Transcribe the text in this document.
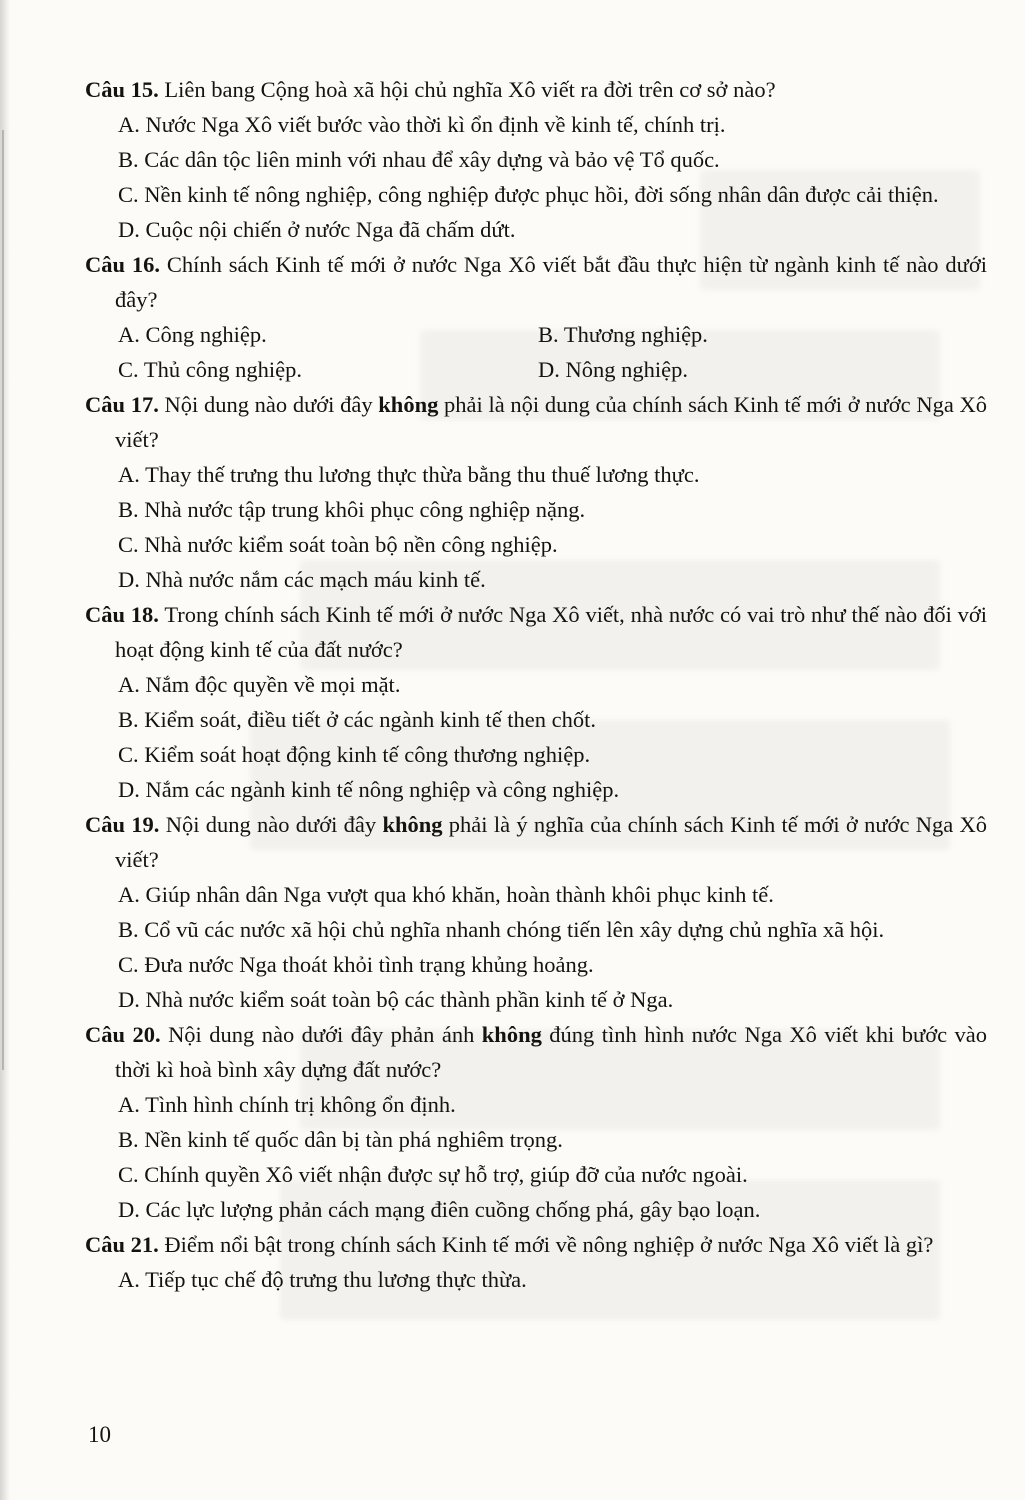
Câu 15. Liên bang Cộng hoà xã hội chủ nghĩa Xô viết ra đời trên cơ sở nào?

A. Nước Nga Xô viết bước vào thời kì ổn định về kinh tế, chính trị.

B. Các dân tộc liên minh với nhau để xây dựng và bảo vệ Tổ quốc.

C. Nền kinh tế nông nghiệp, công nghiệp được phục hồi, đời sống nhân dân được cải thiện.

D. Cuộc nội chiến ở nước Nga đã chấm dứt.

Câu 16. Chính sách Kinh tế mới ở nước Nga Xô viết bắt đầu thực hiện từ ngành kinh tế nào dưới đây?

A. Công nghiệp.	B. Thương nghiệp.

C. Thủ công nghiệp.	D. Nông nghiệp.

Câu 17. Nội dung nào dưới đây không phải là nội dung của chính sách Kinh tế mới ở nước Nga Xô viết?

A. Thay thế trưng thu lương thực thừa bằng thu thuế lương thực.

B. Nhà nước tập trung khôi phục công nghiệp nặng.

C. Nhà nước kiểm soát toàn bộ nền công nghiệp.

D. Nhà nước nắm các mạch máu kinh tế.

Câu 18. Trong chính sách Kinh tế mới ở nước Nga Xô viết, nhà nước có vai trò như thế nào đối với hoạt động kinh tế của đất nước?

A. Nắm độc quyền về mọi mặt.

B. Kiểm soát, điều tiết ở các ngành kinh tế then chốt.

C. Kiểm soát hoạt động kinh tế công thương nghiệp.

D. Nắm các ngành kinh tế nông nghiệp và công nghiệp.

Câu 19. Nội dung nào dưới đây không phải là ý nghĩa của chính sách Kinh tế mới ở nước Nga Xô viết?

A. Giúp nhân dân Nga vượt qua khó khăn, hoàn thành khôi phục kinh tế.

B. Cổ vũ các nước xã hội chủ nghĩa nhanh chóng tiến lên xây dựng chủ nghĩa xã hội.

C. Đưa nước Nga thoát khỏi tình trạng khủng hoảng.

D. Nhà nước kiểm soát toàn bộ các thành phần kinh tế ở Nga.

Câu 20. Nội dung nào dưới đây phản ánh không đúng tình hình nước Nga Xô viết khi bước vào thời kì hoà bình xây dựng đất nước?

A. Tình hình chính trị không ổn định.

B. Nền kinh tế quốc dân bị tàn phá nghiêm trọng.

C. Chính quyền Xô viết nhận được sự hỗ trợ, giúp đỡ của nước ngoài.

D. Các lực lượng phản cách mạng điên cuồng chống phá, gây bạo loạn.

Câu 21. Điểm nổi bật trong chính sách Kinh tế mới về nông nghiệp ở nước Nga Xô viết là gì?

A. Tiếp tục chế độ trưng thu lương thực thừa.

10
